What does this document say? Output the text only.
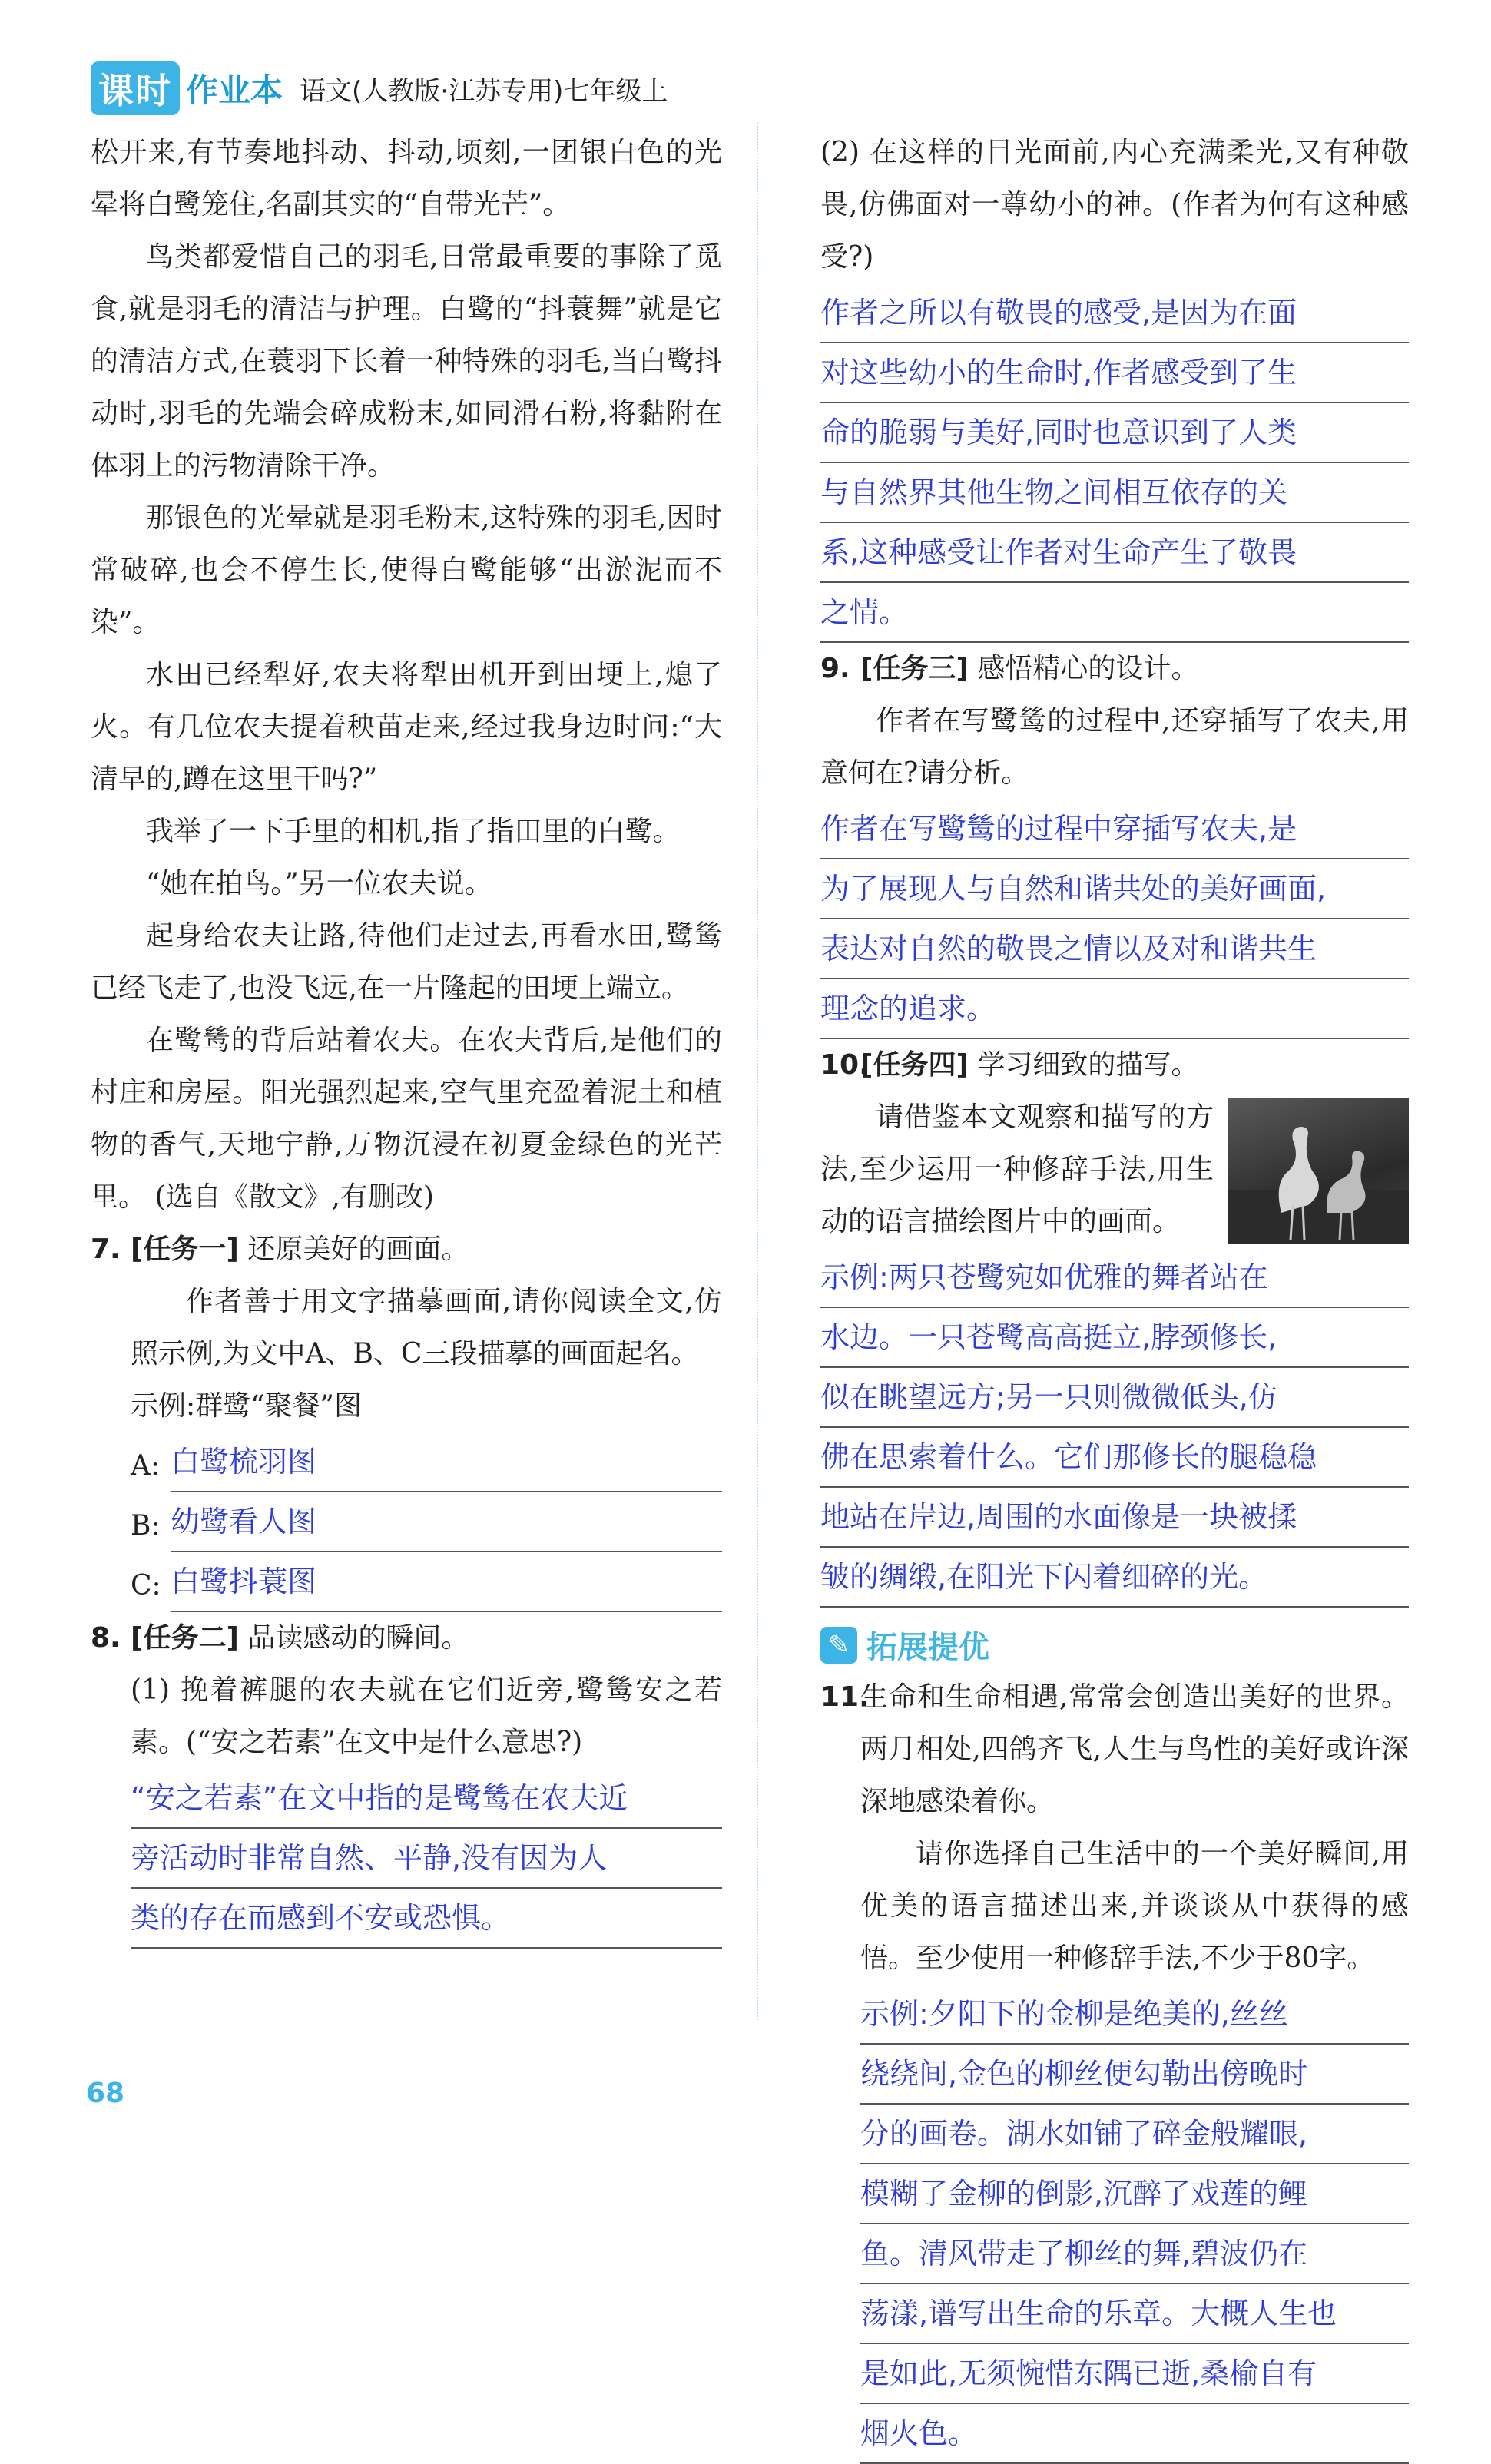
课时 作业本 语文(人教版·江苏专用)七年级上

松开来,有节奏地抖动、抖动,顷刻,一团银白色的光晕将白鹭笼住,名副其实的“自带光芒”。

鸟类都爱惜自己的羽毛,日常最重要的事除了觅食,就是羽毛的清洁与护理。白鹭的“抖蓑舞”就是它的清洁方式,在蓑羽下长着一种特殊的羽毛,当白鹭抖动时,羽毛的先端会碎成粉末,如同滑石粉,将黏附在体羽上的污物清除干净。

那银色的光晕就是羽毛粉末,这特殊的羽毛,因时常破碎,也会不停生长,使得白鹭能够“出淤泥而不染”。

水田已经犁好,农夫将犁田机开到田埂上,熄了火。有几位农夫提着秧苗走来,经过我身边时问:“大清早的,蹲在这里干吗?”

我举了一下手里的相机,指了指田里的白鹭。

“她在拍鸟。”另一位农夫说。

起身给农夫让路,待他们走过去,再看水田,鹭鸶已经飞走了,也没飞远,在一片隆起的田埂上端立。

在鹭鸶的背后站着农夫。在农夫背后,是他们的村庄和房屋。阳光强烈起来,空气里充盈着泥土和植物的香气,天地宁静,万物沉浸在初夏金绿色的光芒里。 (选自《散文》,有删改)

7. [任务一] 还原美好的画面。

作者善于用文字描摹画面,请你阅读全文,仿照示例,为文中A、B、C三段描摹的画面起名。

示例:群鹭“聚餐”图

A: 白鹭梳羽图
B: 幼鹭看人图
C: 白鹭抖蓑图
8. [任务二] 品读感动的瞬间。

(1) 挽着裤腿的农夫就在它们近旁,鹭鸶安之若素。(“安之若素”在文中是什么意思?)

“安之若素”在文中指的是鹭鸶在农夫近
旁活动时非常自然、平静,没有因为人
类的存在而感到不安或恐惧。

(2) 在这样的目光面前,内心充满柔光,又有种敬畏,仿佛面对一尊幼小的神。(作者为何有这种感受?)

作者之所以有敬畏的感受,是因为在面
对这些幼小的生命时,作者感受到了生
命的脆弱与美好,同时也意识到了人类
与自然界其他生物之间相互依存的关
系,这种感受让作者对生命产生了敬畏
之情。
9. [任务三] 感悟精心的设计。

作者在写鹭鸶的过程中,还穿插写了农夫,用意何在?请分析。

作者在写鹭鸶的过程中穿插写农夫,是
为了展现人与自然和谐共处的美好画面,
表达对自然的敬畏之情以及对和谐共生
理念的追求。
10.
[任务四] 学习细致的描写。

请借鉴本文观察和描写的方法,至少运用一种修辞手法,用生动的语言描绘图片中的画面。

示例:两只苍鹭宛如优雅的舞者站在
水边。一只苍鹭高高挺立,脖颈修长,
似在眺望远方;另一只则微微低头,仿
佛在思索着什么。它们那修长的腿稳稳
地站在岸边,周围的水面像是一块被揉
皱的绸缎,在阳光下闪着细碎的光。
✎ 拓展提优
11.
生命和生命相遇,常常会创造出美好的世界。两月相处,四鸽齐飞,人生与鸟性的美好或许深深地感染着你。

请你选择自己生活中的一个美好瞬间,用优美的语言描述出来,并谈谈从中获得的感悟。至少使用一种修辞手法,不少于80字。

示例:夕阳下的金柳是绝美的,丝丝
绕绕间,金色的柳丝便勾勒出傍晚时
分的画卷。湖水如铺了碎金般耀眼,
模糊了金柳的倒影,沉醉了戏莲的鲤
鱼。清风带走了柳丝的舞,碧波仍在
荡漾,谱写出生命的乐章。大概人生也
是如此,无须惋惜东隅已逝,桑榆自有
烟火色。
68
